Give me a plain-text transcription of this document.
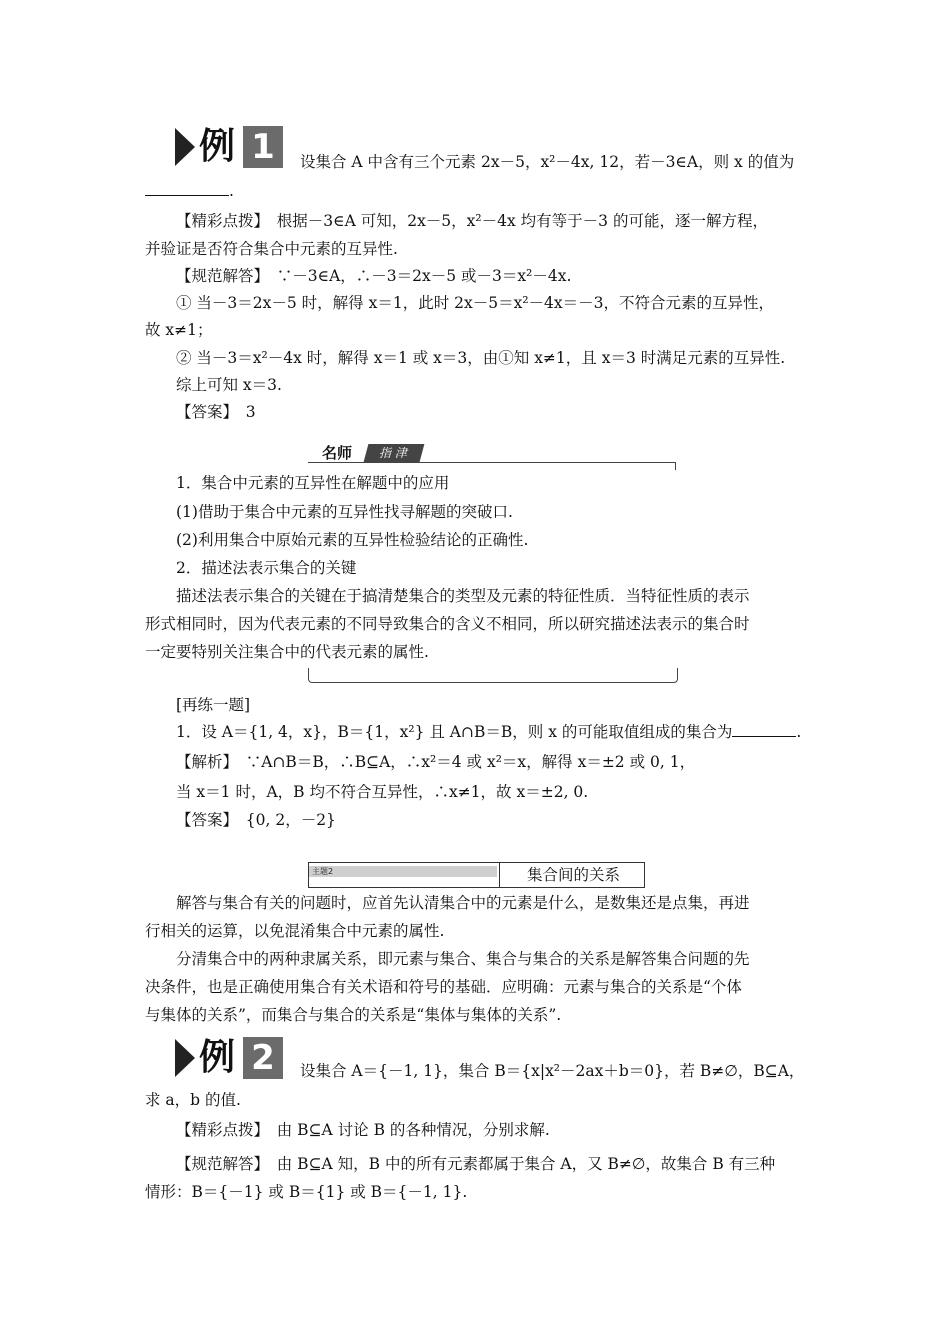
例 1	设集合 A 中含有三个元素 2x－5，x²－4x, 12，若－3∈A，则 x 的值为
.
【精彩点拨】　根据－3∈A 可知，2x－5，x²－4x 均有等于－3 的可能，逐一解方程，
并验证是否符合集合中元素的互异性.
【规范解答】　∵－3∈A，∴－3＝2x－5 或－3＝x²－4x.
① 当－3＝2x－5 时，解得 x＝1，此时 2x－5＝x²－4x＝－3，不符合元素的互异性，
故 x≠1；
② 当－3＝x²－4x 时，解得 x＝1 或 x＝3，由①知 x≠1，且 x＝3 时满足元素的互异性.
综上可知 x＝3.
【答案】　3
名师	指 津
1．集合中元素的互异性在解题中的应用
(1)借助于集合中元素的互异性找寻解题的突破口.
(2)利用集合中原始元素的互异性检验结论的正确性.
2．描述法表示集合的关键
描述法表示集合的关键在于搞清楚集合的类型及元素的特征性质．当特征性质的表示
形式相同时，因为代表元素的不同导致集合的含义不相同，所以研究描述法表示的集合时
一定要特别关注集合中的代表元素的属性.
[再练一题]
1．设 A＝{1, 4，x}，B＝{1，x²} 且 A∩B＝B，则 x 的可能取值组成的集合为	.
【解析】　∵A∩B＝B，∴B⊆A，∴x²＝4 或 x²＝x，解得 x＝±2 或 0, 1，
当 x＝1 时，A，B 均不符合互异性，∴x≠1，故 x＝±2, 0.
【答案】　{0, 2，－2}
主题2	集合间的关系
解答与集合有关的问题时，应首先认清集合中的元素是什么，是数集还是点集，再进
行相关的运算，以免混淆集合中元素的属性.
分清集合中的两种隶属关系，即元素与集合、集合与集合的关系是解答集合问题的先
决条件，也是正确使用集合有关术语和符号的基础．应明确：元素与集合的关系是“个体
与集体的关系”，而集合与集合的关系是“集体与集体的关系”.
例 2	设集合 A＝{－1, 1}，集合 B＝{x|x²－2ax＋b＝0}，若 B≠∅，B⊆A，
求 a，b 的值.
【精彩点拨】　由 B⊆A 讨论 B 的各种情况，分别求解.
【规范解答】　由 B⊆A 知，B 中的所有元素都属于集合 A，又 B≠∅，故集合 B 有三种
情形：B＝{－1} 或 B＝{1} 或 B＝{－1, 1}.
